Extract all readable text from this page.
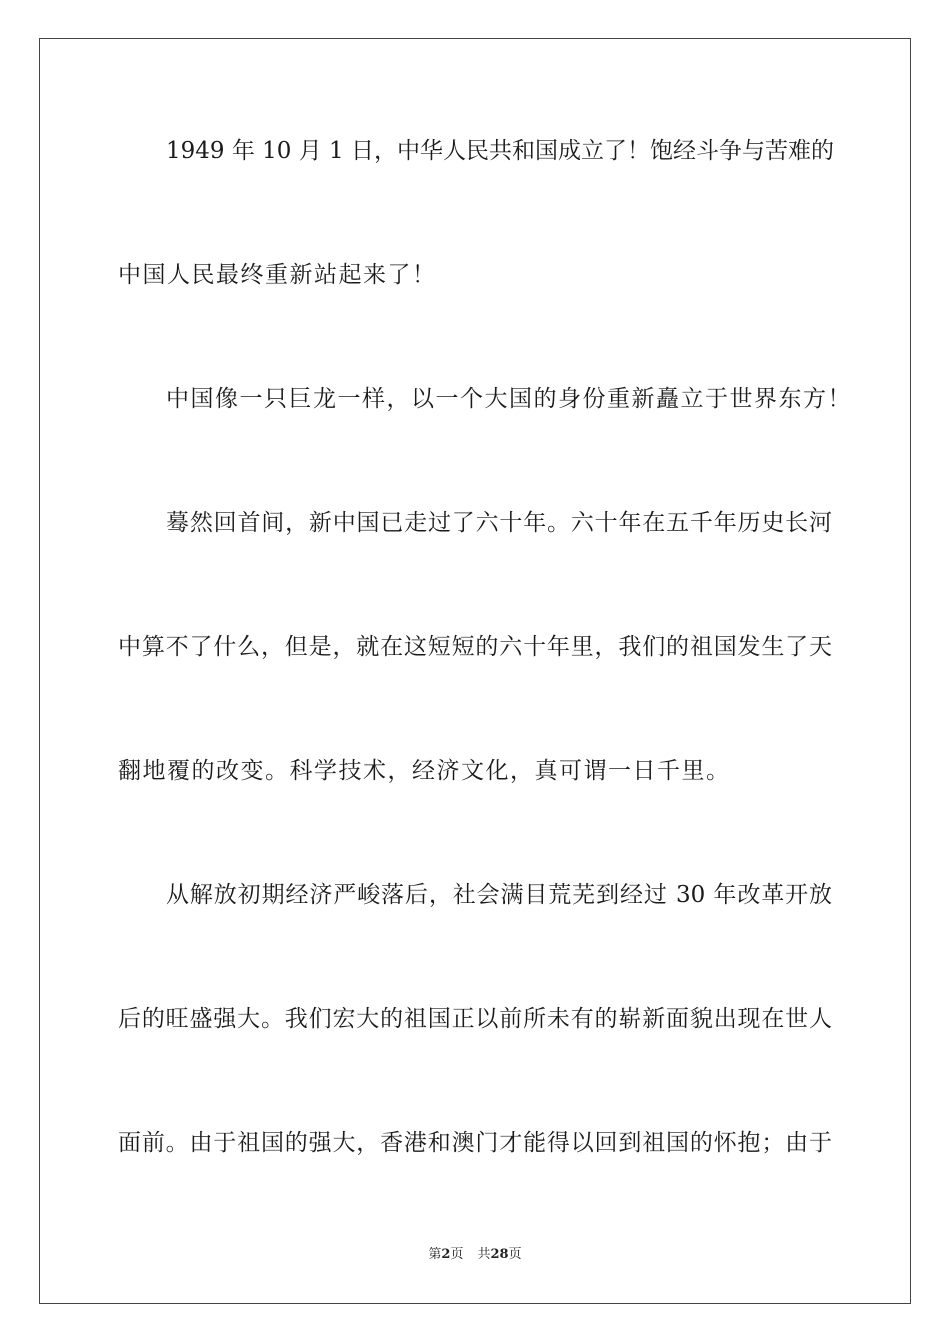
1949 年 10 月 1 日，中华人民共和国成立了！饱经斗争与苦难的
中国人民最终重新站起来了！
中国像一只巨龙一样，以一个大国的身份重新矗立于世界东方！
蓦然回首间，新中国已走过了六十年。六十年在五千年历史长河
中算不了什么，但是，就在这短短的六十年里，我们的祖国发生了天
翻地覆的改变。科学技术，经济文化，真可谓一日千里。
从解放初期经济严峻落后，社会满目荒芜到经过 30 年改革开放
后的旺盛强大。我们宏大的祖国正以前所未有的崭新面貌出现在世人
面前。由于祖国的强大，香港和澳门才能得以回到祖国的怀抱；由于
第2页 共28页
